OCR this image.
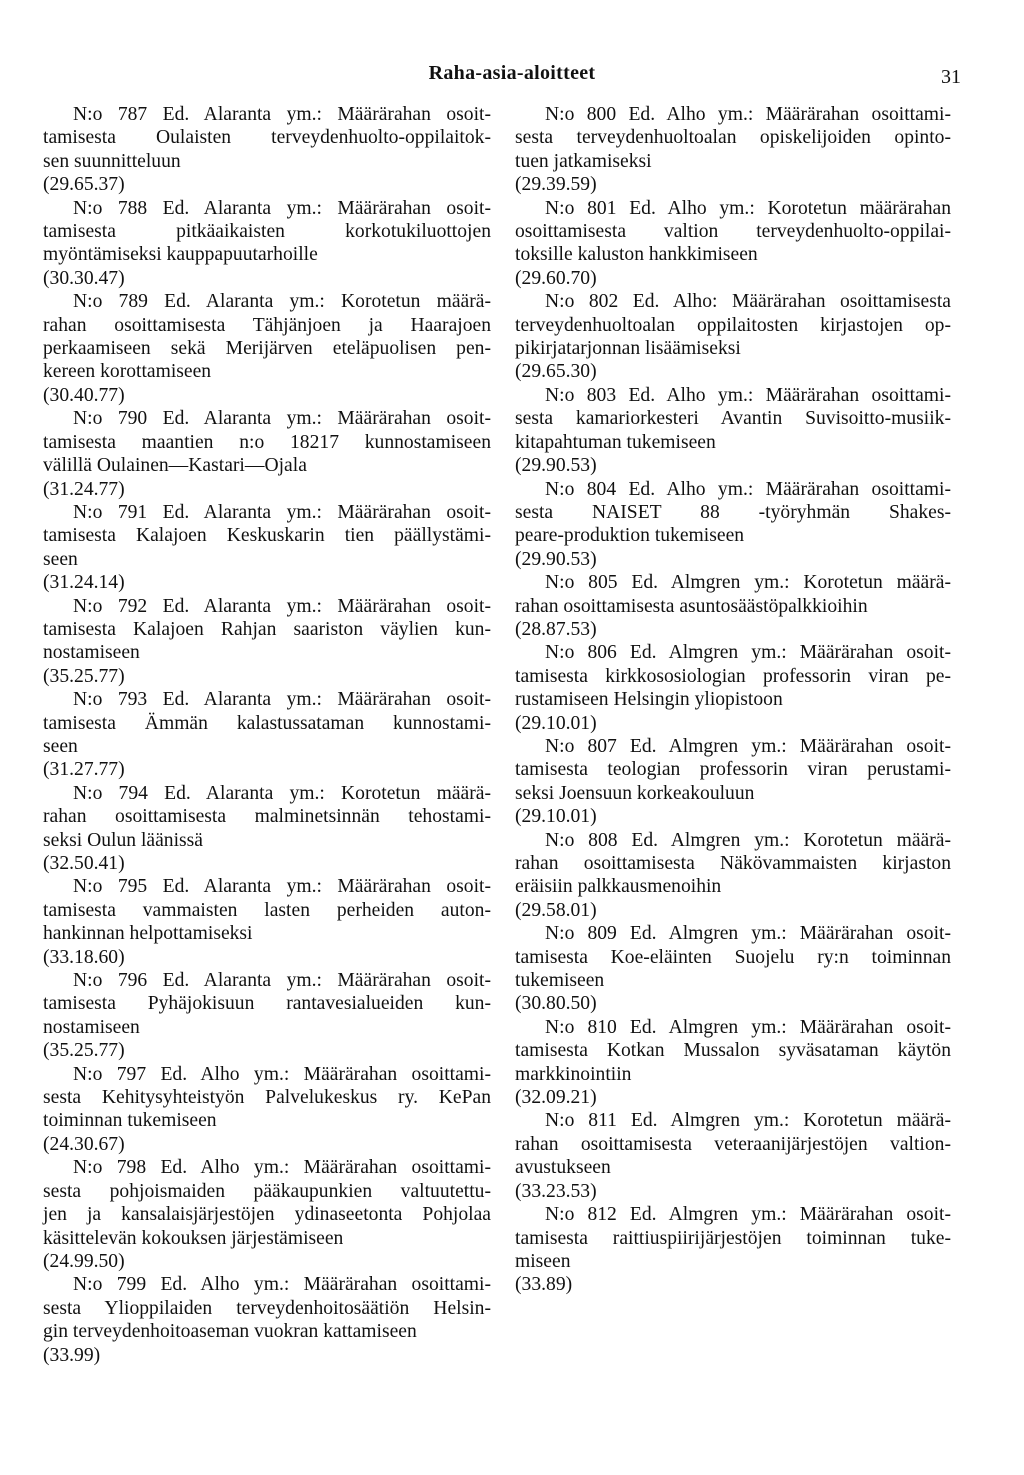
Raha-asia-aloitteet	31
N:o 787 Ed. Alaranta ym.: Määrärahan osoit-
tamisesta Oulaisten terveydenhuolto-oppilaitok-
sen suunnitteluun
(29.65.37)
N:o 788 Ed. Alaranta ym.: Määrärahan osoit-
tamisesta pitkäaikaisten korkotukiluottojen
myöntämiseksi kauppapuutarhoille
(30.30.47)
N:o 789 Ed. Alaranta ym.: Korotetun määrä-
rahan osoittamisesta Tähjänjoen ja Haarajoen
perkaamiseen sekä Merijärven eteläpuolisen pen-
kereen korottamiseen
(30.40.77)
N:o 790 Ed. Alaranta ym.: Määrärahan osoit-
tamisesta maantien n:o 18217 kunnostamiseen
välillä Oulainen—Kastari—Ojala
(31.24.77)
N:o 791 Ed. Alaranta ym.: Määrärahan osoit-
tamisesta Kalajoen Keskuskarin tien päällystämi-
seen
(31.24.14)
N:o 792 Ed. Alaranta ym.: Määrärahan osoit-
tamisesta Kalajoen Rahjan saariston väylien kun-
nostamiseen
(35.25.77)
N:o 793 Ed. Alaranta ym.: Määrärahan osoit-
tamisesta Ämmän kalastussataman kunnostami-
seen
(31.27.77)
N:o 794 Ed. Alaranta ym.: Korotetun määrä-
rahan osoittamisesta malminetsinnän tehostami-
seksi Oulun läänissä
(32.50.41)
N:o 795 Ed. Alaranta ym.: Määrärahan osoit-
tamisesta vammaisten lasten perheiden auton-
hankinnan helpottamiseksi
(33.18.60)
N:o 796 Ed. Alaranta ym.: Määrärahan osoit-
tamisesta Pyhäjokisuun rantavesialueiden kun-
nostamiseen
(35.25.77)
N:o 797 Ed. Alho ym.: Määrärahan osoittami-
sesta Kehitysyhteistyön Palvelukeskus ry. KePan
toiminnan tukemiseen
(24.30.67)
N:o 798 Ed. Alho ym.: Määrärahan osoittami-
sesta pohjoismaiden pääkaupunkien valtuutettu-
jen ja kansalaisjärjestöjen ydinaseetonta Pohjolaa
käsittelevän kokouksen järjestämiseen
(24.99.50)
N:o 799 Ed. Alho ym.: Määrärahan osoittami-
sesta Ylioppilaiden terveydenhoitosäätiön Helsin-
gin terveydenhoitoaseman vuokran kattamiseen
(33.99)
N:o 800 Ed. Alho ym.: Määrärahan osoittami-
sesta terveydenhuoltoalan opiskelijoiden opinto-
tuen jatkamiseksi
(29.39.59)
N:o 801 Ed. Alho ym.: Korotetun määrärahan
osoittamisesta valtion terveydenhuolto-oppilai-
toksille kaluston hankkimiseen
(29.60.70)
N:o 802 Ed. Alho: Määrärahan osoittamisesta
terveydenhuoltoalan oppilaitosten kirjastojen op-
pikirjatarjonnan lisäämiseksi
(29.65.30)
N:o 803 Ed. Alho ym.: Määrärahan osoittami-
sesta kamariorkesteri Avantin Suvisoitto-musiik-
kitapahtuman tukemiseen
(29.90.53)
N:o 804 Ed. Alho ym.: Määrärahan osoittami-
sesta NAISET 88 -työryhmän Shakes-
peare-produktion tukemiseen
(29.90.53)
N:o 805 Ed. Almgren ym.: Korotetun määrä-
rahan osoittamisesta asuntosäästöpalkkioihin
(28.87.53)
N:o 806 Ed. Almgren ym.: Määrärahan osoit-
tamisesta kirkkososiologian professorin viran pe-
rustamiseen Helsingin yliopistoon
(29.10.01)
N:o 807 Ed. Almgren ym.: Määrärahan osoit-
tamisesta teologian professorin viran perustami-
seksi Joensuun korkeakouluun
(29.10.01)
N:o 808 Ed. Almgren ym.: Korotetun määrä-
rahan osoittamisesta Näkövammaisten kirjaston
eräisiin palkkausmenoihin
(29.58.01)
N:o 809 Ed. Almgren ym.: Määrärahan osoit-
tamisesta Koe-eläinten Suojelu ry:n toiminnan
tukemiseen
(30.80.50)
N:o 810 Ed. Almgren ym.: Määrärahan osoit-
tamisesta Kotkan Mussalon syväsataman käytön
markkinointiin
(32.09.21)
N:o 811 Ed. Almgren ym.: Korotetun määrä-
rahan osoittamisesta veteraanijärjestöjen valtion-
avustukseen
(33.23.53)
N:o 812 Ed. Almgren ym.: Määrärahan osoit-
tamisesta raittiuspiirijärjestöjen toiminnan tuke-
miseen
(33.89)
